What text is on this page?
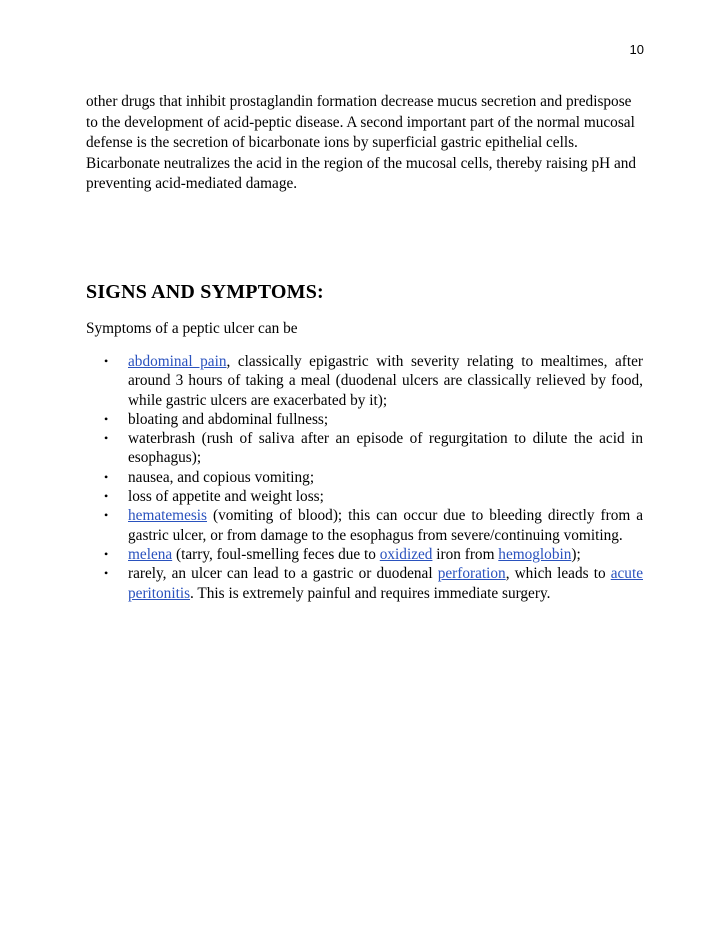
10

other drugs that inhibit prostaglandin formation decrease mucus secretion and predispose to the development of acid-peptic disease. A second important part of the normal mucosal defense is the secretion of bicarbonate ions by superficial gastric epithelial cells. Bicarbonate neutralizes the acid in the region of the mucosal cells, thereby raising pH and preventing acid-mediated damage.

SIGNS AND SYMPTOMS:

Symptoms of a peptic ulcer can be

• abdominal pain, classically epigastric with severity relating to mealtimes, after around 3 hours of taking a meal (duodenal ulcers are classically relieved by food, while gastric ulcers are exacerbated by it);
• bloating and abdominal fullness;
• waterbrash (rush of saliva after an episode of regurgitation to dilute the acid in esophagus);
• nausea, and copious vomiting;
• loss of appetite and weight loss;
• hematemesis (vomiting of blood); this can occur due to bleeding directly from a gastric ulcer, or from damage to the esophagus from severe/continuing vomiting.
• melena (tarry, foul-smelling feces due to oxidized iron from hemoglobin);
• rarely, an ulcer can lead to a gastric or duodenal perforation, which leads to acute peritonitis. This is extremely painful and requires immediate surgery.
